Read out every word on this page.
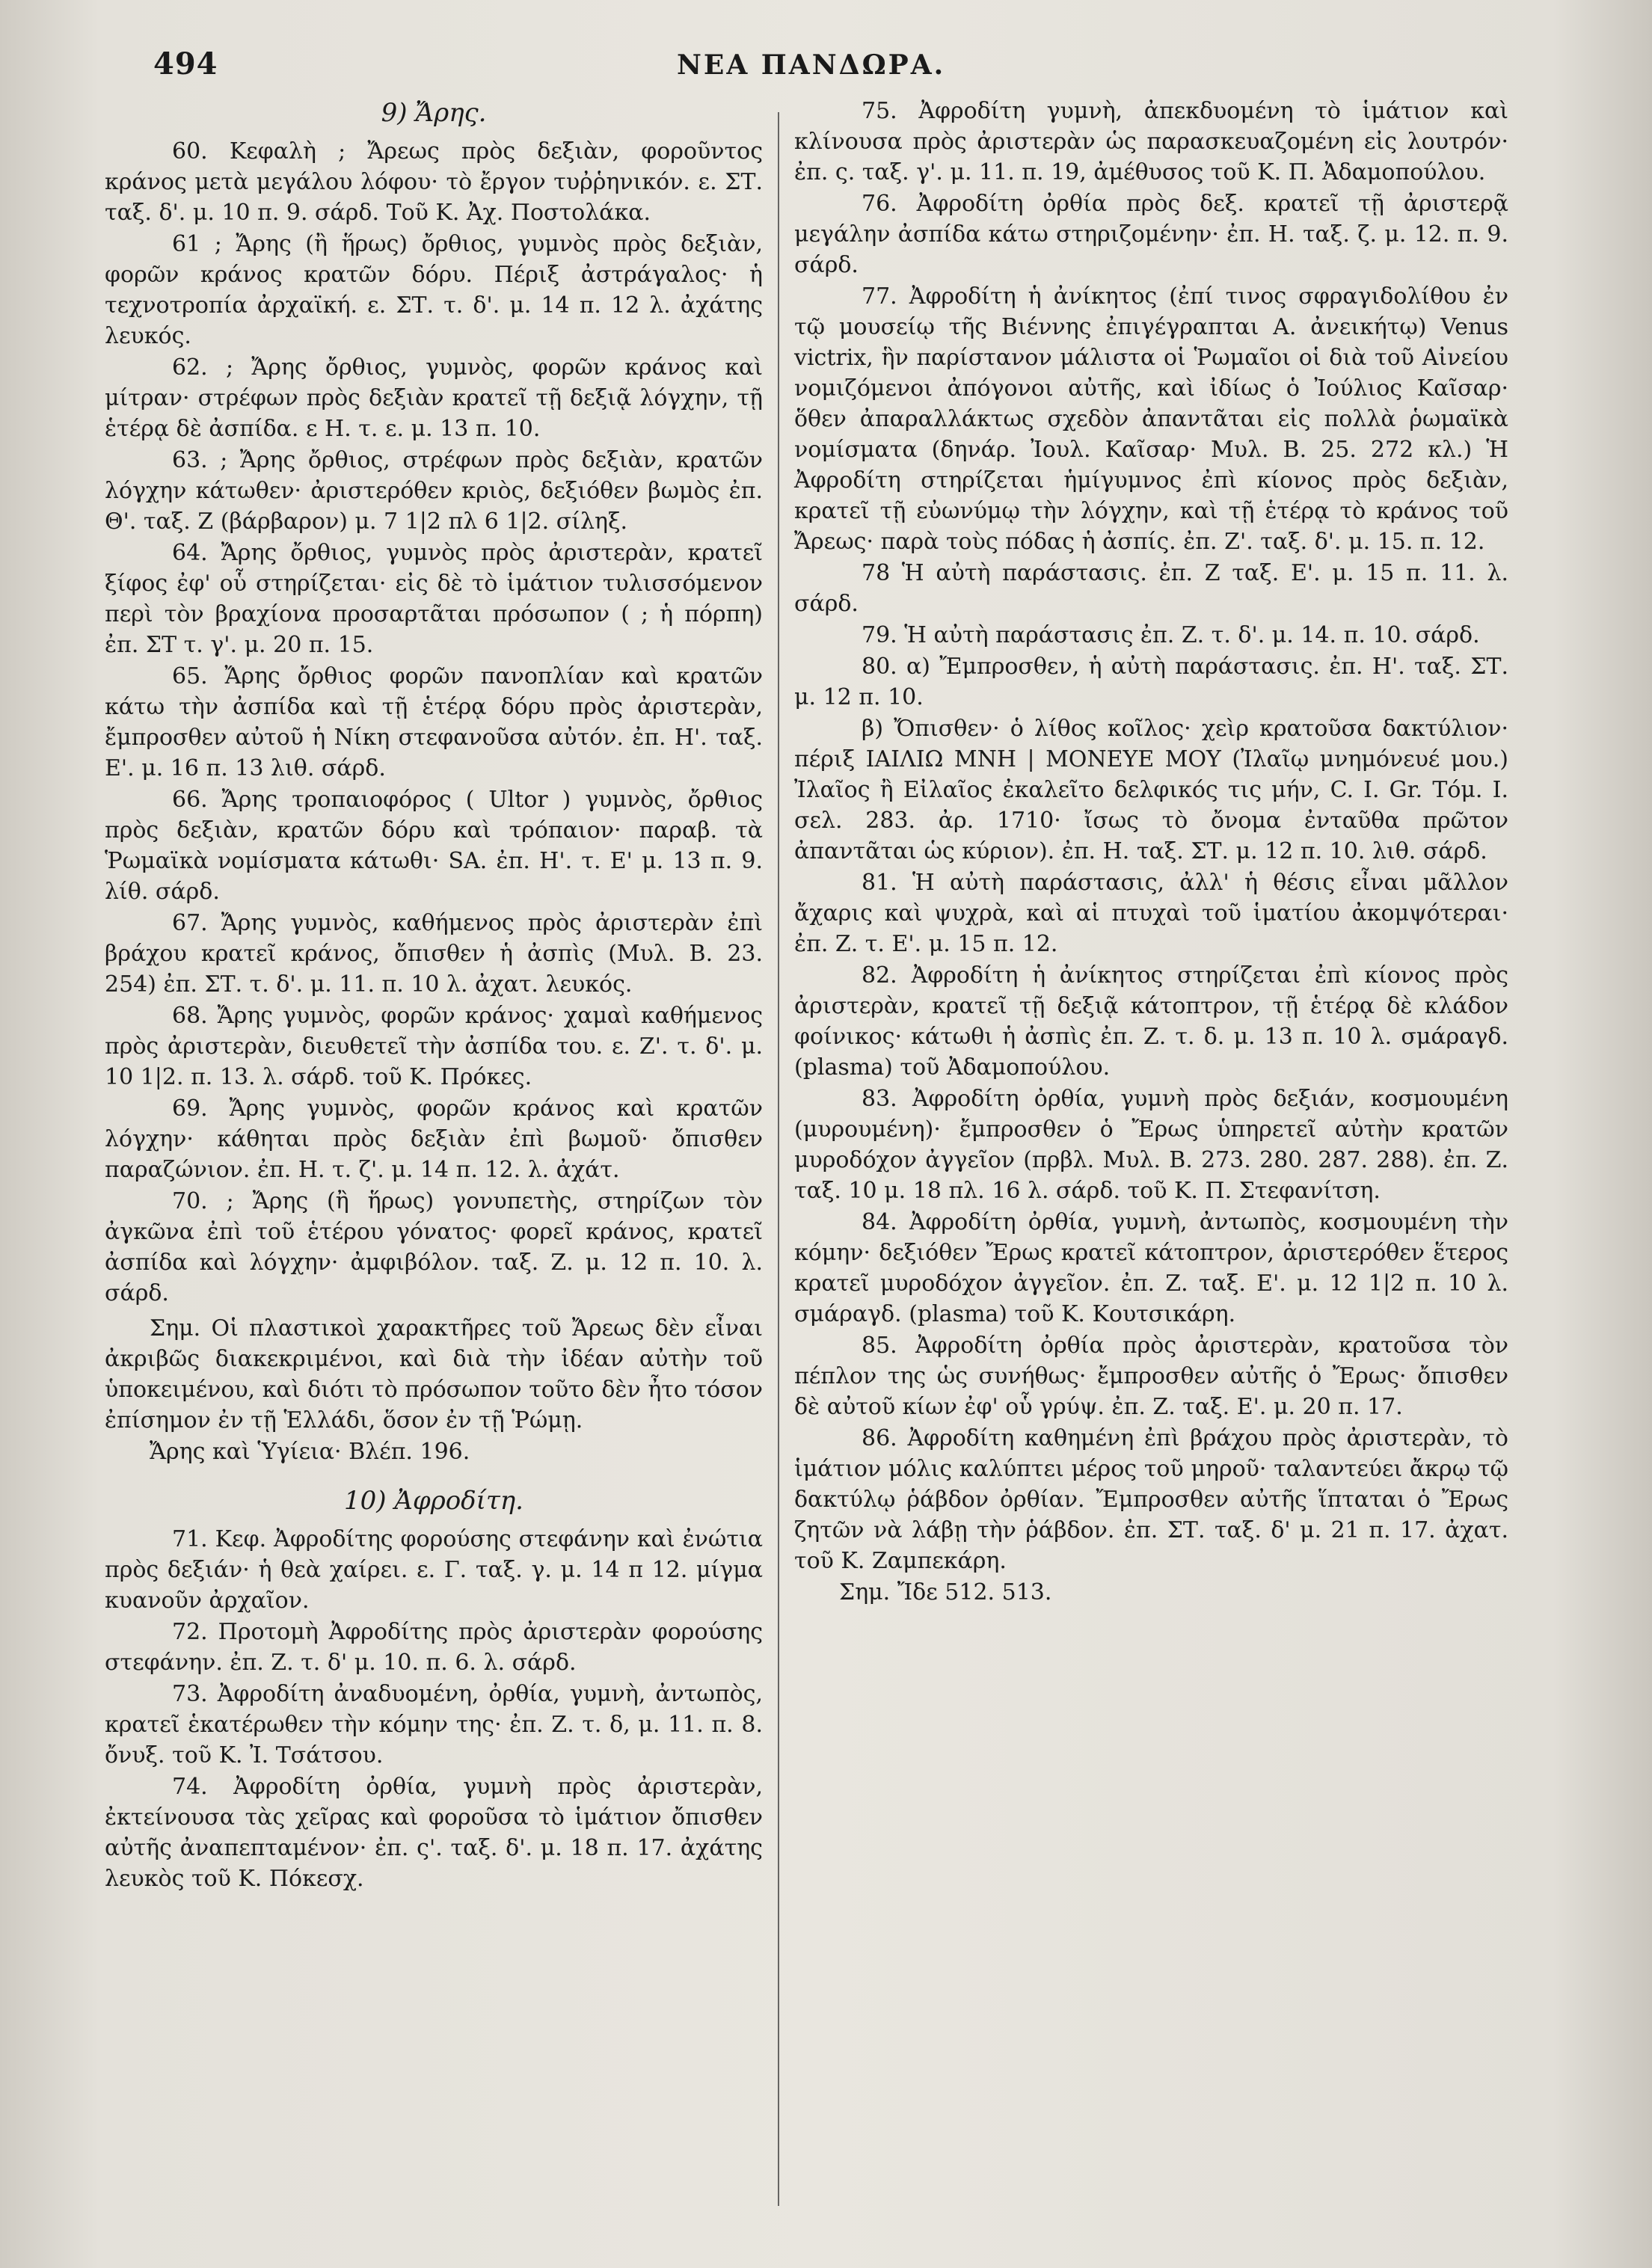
494	ΝΕΑ ΠΑΝΔΩΡΑ.
9) Ἄρης.

60. Κεφαλὴ ; Ἄρεως πρὸς δεξιὰν, φοροῦντος κράνος μετὰ μεγάλου λόφου· τὸ ἔργον τυῤῥηνικόν. ε. ΣΤ. ταξ. δ'. μ. 10 π. 9. σάρδ. Τοῦ Κ. Ἀχ. Ποστολάκα.

61 ; Ἄρης (ἢ ἥρως) ὄρθιος, γυμνὸς πρὸς δεξιὰν, φορῶν κράνος κρατῶν δόρυ. Πέριξ ἀστράγαλος· ἡ τεχνοτροπία ἀρχαϊκή. ε. ΣΤ. τ. δ'. μ. 14 π. 12 λ. ἀχάτης λευκός.

62. ; Ἄρης ὄρθιος, γυμνὸς, φορῶν κράνος καὶ μίτραν· στρέφων πρὸς δεξιὰν κρατεῖ τῇ δεξιᾷ λόγχην, τῇ ἑτέρᾳ δὲ ἀσπίδα. ε Η. τ. ε. μ. 13 π. 10.

63. ; Ἄρης ὄρθιος, στρέφων πρὸς δεξιὰν, κρατῶν λόγχην κάτωθεν· ἀριστερόθεν κριὸς, δεξιόθεν βωμὸς ἐπ. Θ'. ταξ. Ζ (βάρβαρον) μ. 7 1|2 πλ 6 1|2. σίληξ.

64. Ἄρης ὄρθιος, γυμνὸς πρὸς ἀριστερὰν, κρατεῖ ξίφος ἐφ' οὗ στηρίζεται· εἰς δὲ τὸ ἱμάτιον τυλισσόμενον περὶ τὸν βραχίονα προσαρτᾶται πρόσωπον ( ; ἡ πόρπη) ἐπ. ΣΤ τ. γ'. μ. 20 π. 15.

65. Ἄρης ὄρθιος φορῶν πανοπλίαν καὶ κρατῶν κάτω τὴν ἀσπίδα καὶ τῇ ἑτέρᾳ δόρυ πρὸς ἀριστερὰν, ἔμπροσθεν αὐτοῦ ἡ Νίκη στεφανοῦσα αὐτόν. ἐπ. Η'. ταξ. Ε'. μ. 16 π. 13 λιθ. σάρδ.

66. Ἄρης τροπαιοφόρος ( Ultor ) γυμνὸς, ὄρθιος πρὸς δεξιὰν, κρατῶν δόρυ καὶ τρόπαιον· παραβ. τὰ Ῥωμαϊκὰ νομίσματα κάτωθι· SA. ἐπ. Η'. τ. Ε' μ. 13 π. 9. λίθ. σάρδ.

67. Ἄρης γυμνὸς, καθήμενος πρὸς ἀριστερὰν ἐπὶ βράχου κρατεῖ κράνος, ὄπισθεν ἡ ἀσπὶς (Μυλ. Β. 23. 254) ἐπ. ΣΤ. τ. δ'. μ. 11. π. 10 λ. ἀχατ. λευκός.

68. Ἄρης γυμνὸς, φορῶν κράνος· χαμαὶ καθήμενος πρὸς ἀριστερὰν, διευθετεῖ τὴν ἀσπίδα του. ε. Ζ'. τ. δ'. μ. 10 1|2. π. 13. λ. σάρδ. τοῦ Κ. Πρόκες.

69. Ἄρης γυμνὸς, φορῶν κράνος καὶ κρατῶν λόγχην· κάθηται πρὸς δεξιὰν ἐπὶ βωμοῦ· ὄπισθεν παραζώνιον. ἐπ. Η. τ. ζ'. μ. 14 π. 12. λ. ἀχάτ.

70. ; Ἄρης (ἢ ἥρως) γονυπετὴς, στηρίζων τὸν ἀγκῶνα ἐπὶ τοῦ ἑτέρου γόνατος· φορεῖ κράνος, κρατεῖ ἀσπίδα καὶ λόγχην· ἀμφιβόλον. ταξ. Ζ. μ. 12 π. 10. λ. σάρδ.

Σημ. Οἱ πλαστικοὶ χαρακτῆρες τοῦ Ἄρεως δὲν εἶναι ἀκριβῶς διακεκριμένοι, καὶ διὰ τὴν ἰδέαν αὐτὴν τοῦ ὑποκειμένου, καὶ διότι τὸ πρόσωπον τοῦτο δὲν ἦτο τόσον ἐπίσημον ἐν τῇ Ἑλλάδι, ὅσον ἐν τῇ Ῥώμῃ.

Ἄρης καὶ Ὑγίεια· Βλέπ. 196.

10) Ἀφροδίτη.

71. Κεφ. Ἀφροδίτης φορούσης στεφάνην καὶ ἐνώτια πρὸς δεξιάν· ἡ θεὰ χαίρει. ε. Γ. ταξ. γ. μ. 14 π 12. μίγμα κυανοῦν ἀρχαῖον.

72. Προτομὴ Ἀφροδίτης πρὸς ἀριστερὰν φορούσης στεφάνην. ἐπ. Ζ. τ. δ' μ. 10. π. 6. λ. σάρδ.

73. Ἀφροδίτη ἀναδυομένη, ὀρθία, γυμνὴ, ἀντωπὸς, κρατεῖ ἑκατέρωθεν τὴν κόμην της· ἐπ. Ζ. τ. δ, μ. 11. π. 8. ὄνυξ. τοῦ Κ. Ἰ. Τσάτσου.

74. Ἀφροδίτη ὀρθία, γυμνὴ πρὸς ἀριστερὰν, ἐκτείνουσα τὰς χεῖρας καὶ φοροῦσα τὸ ἱμάτιον ὄπισθεν αὐτῆς ἀναπεπταμένον· ἐπ. ς'. ταξ. δ'. μ. 18 π. 17. ἀχάτης λευκὸς τοῦ Κ. Πόκεσχ.

75. Ἀφροδίτη γυμνὴ, ἀπεκδυομένη τὸ ἱμάτιον καὶ κλίνουσα πρὸς ἀριστερὰν ὡς παρασκευαζομένη εἰς λουτρόν· ἐπ. ς. ταξ. γ'. μ. 11. π. 19, ἀμέθυσος τοῦ Κ. Π. Ἀδαμοπούλου.

76. Ἀφροδίτη ὀρθία πρὸς δεξ. κρατεῖ τῇ ἀριστερᾷ μεγάλην ἀσπίδα κάτω στηριζομένην· ἐπ. Η. ταξ. ζ. μ. 12. π. 9. σάρδ.

77. Ἀφροδίτη ἡ ἀνίκητος (ἐπί τινος σφραγιδολίθου ἐν τῷ μουσείῳ τῆς Βιέννης ἐπιγέγραπται Α. ἀνεικήτῳ) Venus victrix, ἣν παρίστανον μάλιστα οἱ Ῥωμαῖοι οἱ διὰ τοῦ Αἰνείου νομιζόμενοι ἀπόγονοι αὐτῆς, καὶ ἰδίως ὁ Ἰούλιος Καῖσαρ· ὅθεν ἀπαραλλάκτως σχεδὸν ἀπαντᾶται εἰς πολλὰ ῥωμαϊκὰ νομίσματα (δηνάρ. Ἰουλ. Καῖσαρ· Μυλ. Β. 25. 272 κλ.) Ἡ Ἀφροδίτη στηρίζεται ἡμίγυμνος ἐπὶ κίονος πρὸς δεξιὰν, κρατεῖ τῇ εὐωνύμῳ τὴν λόγχην, καὶ τῇ ἑτέρᾳ τὸ κράνος τοῦ Ἄρεως· παρὰ τοὺς πόδας ἡ ἀσπίς. ἐπ. Ζ'. ταξ. δ'. μ. 15. π. 12.

78 Ἡ αὐτὴ παράστασις. ἐπ. Ζ ταξ. Ε'. μ. 15 π. 11. λ. σάρδ.

79. Ἡ αὐτὴ παράστασις ἐπ. Ζ. τ. δ'. μ. 14. π. 10. σάρδ.

80. α) Ἔμπροσθεν, ἡ αὐτὴ παράστασις. ἐπ. Η'. ταξ. ΣΤ. μ. 12 π. 10.

β) Ὄπισθεν· ὁ λίθος κοῖλος· χεὶρ κρατοῦσα δακτύλιον· πέριξ ΙΑΙΛΙΩ ΜΝΗ | ΜΟΝΕΥΕ ΜΟΥ (Ἰλαῖῳ μνημόνευέ μου.) Ἰλαῖος ἢ Εἰλαῖος ἐκαλεῖτο δελφικός τις μήν, C. I. Gr. Τόμ. I. σελ. 283. ἀρ. 1710· ἴσως τὸ ὄνομα ἐνταῦθα πρῶτον ἀπαντᾶται ὡς κύριον). ἐπ. Η. ταξ. ΣΤ. μ. 12 π. 10. λιθ. σάρδ.

81. Ἡ αὐτὴ παράστασις, ἀλλ' ἡ θέσις εἶναι μᾶλλον ἄχαρις καὶ ψυχρὰ, καὶ αἱ πτυχαὶ τοῦ ἱματίου ἀκομψότεραι· ἐπ. Ζ. τ. Ε'. μ. 15 π. 12.

82. Ἀφροδίτη ἡ ἀνίκητος στηρίζεται ἐπὶ κίονος πρὸς ἀριστερὰν, κρατεῖ τῇ δεξιᾷ κάτοπτρον, τῇ ἑτέρᾳ δὲ κλάδον φοίνικος· κάτωθι ἡ ἀσπὶς ἐπ. Ζ. τ. δ. μ. 13 π. 10 λ. σμάραγδ. (plasma) τοῦ Ἀδαμοπούλου.

83. Ἀφροδίτη ὀρθία, γυμνὴ πρὸς δεξιάν, κοσμουμένη (μυρουμένη)· ἔμπροσθεν ὁ Ἔρως ὑπηρετεῖ αὐτὴν κρατῶν μυροδόχον ἀγγεῖον (πρβλ. Μυλ. Β. 273. 280. 287. 288). ἐπ. Ζ. ταξ. 10 μ. 18 πλ. 16 λ. σάρδ. τοῦ Κ. Π. Στεφανίτση.

84. Ἀφροδίτη ὀρθία, γυμνὴ, ἀντωπὸς, κοσμουμένη τὴν κόμην· δεξιόθεν Ἔρως κρατεῖ κάτοπτρον, ἀριστερόθεν ἕτερος κρατεῖ μυροδόχον ἀγγεῖον. ἐπ. Ζ. ταξ. Ε'. μ. 12 1|2 π. 10 λ. σμάραγδ. (plasma) τοῦ Κ. Κουτσικάρη.

85. Ἀφροδίτη ὀρθία πρὸς ἀριστερὰν, κρατοῦσα τὸν πέπλον της ὡς συνήθως· ἔμπροσθεν αὐτῆς ὁ Ἔρως· ὄπισθεν δὲ αὐτοῦ κίων ἐφ' οὗ γρύψ. ἐπ. Ζ. ταξ. Ε'. μ. 20 π. 17.

86. Ἀφροδίτη καθημένη ἐπὶ βράχου πρὸς ἀριστερὰν, τὸ ἱμάτιον μόλις καλύπτει μέρος τοῦ μηροῦ· ταλαντεύει ἄκρῳ τῷ δακτύλῳ ῥάβδον ὀρθίαν. Ἔμπροσθεν αὐτῆς ἵπταται ὁ Ἔρως ζητῶν νὰ λάβῃ τὴν ῥάβδον. ἐπ. ΣΤ. ταξ. δ' μ. 21 π. 17. ἀχατ. τοῦ Κ. Ζαμπεκάρη.

Σημ. Ἴδε 512. 513.
